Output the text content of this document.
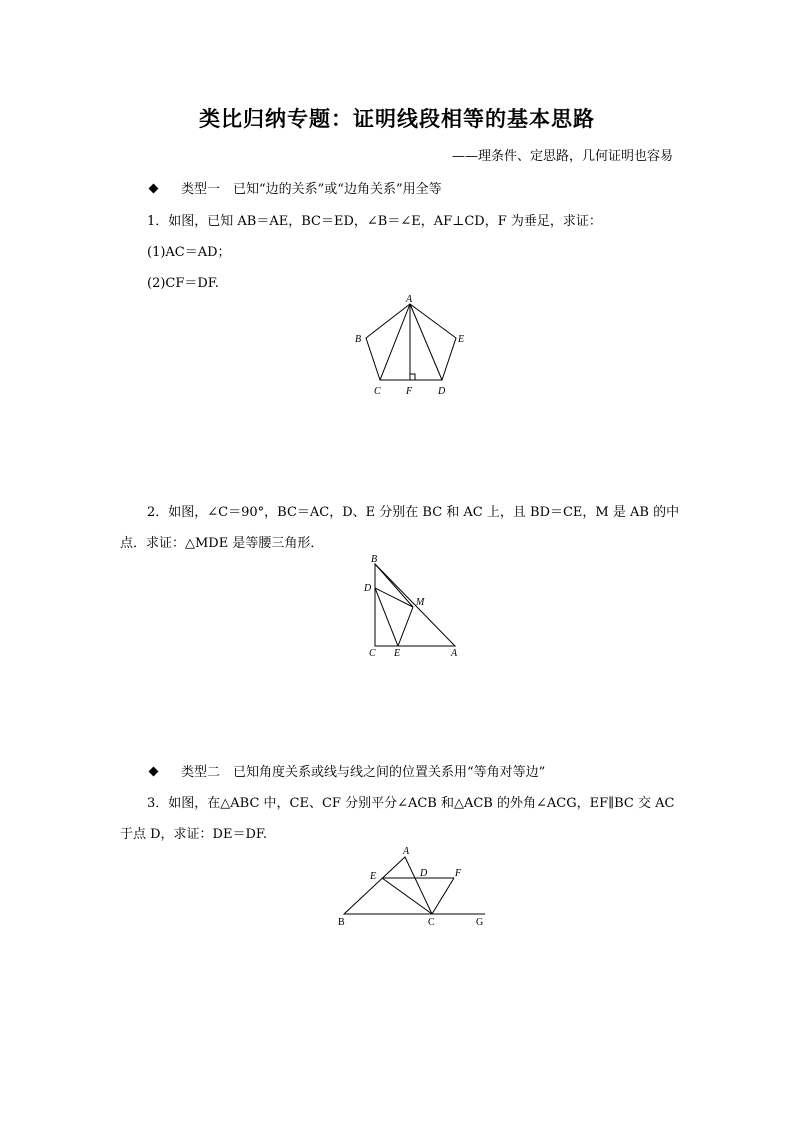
类比归纳专题：证明线段相等的基本思路
——理条件、定思路，几何证明也容易
类型一　已知“边的关系”或“边角关系”用全等
1．如图，已知 AB＝AE，BC＝ED，∠B＝∠E，AF⊥CD，F 为垂足，求证：
(1)AC＝AD；
(2)CF＝DF.
A
B	E
C	F	D
2．如图，∠C＝90°，BC＝AC，D、E 分别在 BC 和 AC 上，且 BD＝CE，M 是 AB 的中
点．求证：△MDE 是等腰三角形．
B
D
M
C E	A
类型二　已知角度关系或线与线之间的位置关系用“等角对等边”
3．如图，在△ABC 中，CE、CF 分别平分∠ACB 和△ACB 的外角∠ACG，EF∥BC 交 AC
于点 D，求证：DE＝DF.
A
E	D	F
B	C	G
